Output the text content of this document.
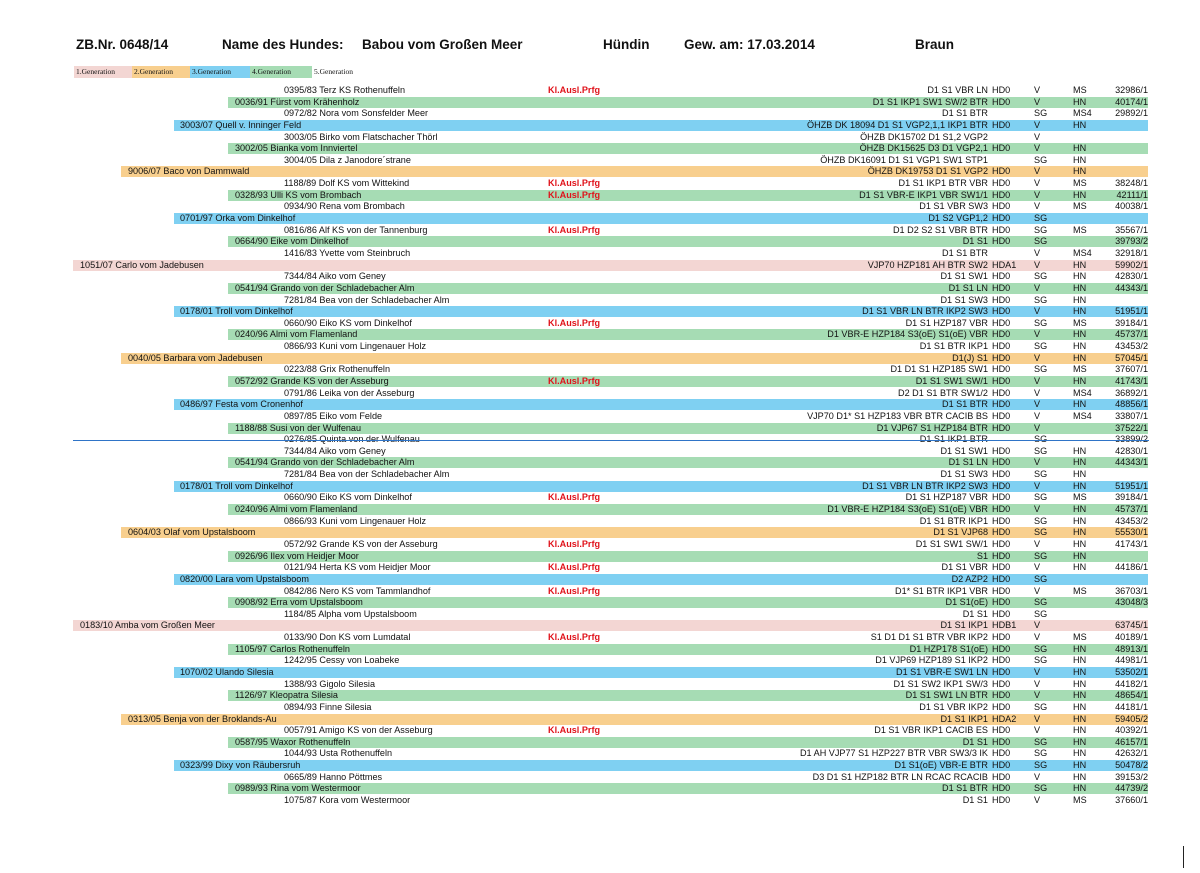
ZB.Nr. 0648/14	Name des Hundes: Babou vom Großen Meer	Hündin	Gew. am: 17.03.2014	Braun
1.Generation	2.Generation	3.Generation	4.Generation	5.Generation
0395/83 Terz KS Rothenuffeln	Kl.Ausl.Prfg	D1 S1 VBR LN HD0	V	MS	32986/1
0036/91 Fürst vom Krähenholz	D1 S1 IKP1 SW1 SW/2 BTR HD0	V	HN	40174/1
0972/82 Nora vom Sonsfelder Meer	D1 S1 BTR	SG	MS4	29892/1
3003/07 Quell v. Inninger Feld	ÖHZB DK 18094 D1 S1 VGP2,1,1 IKP1 BTR HD0	V	HN
3003/05 Birko vom Flatschacher Thörl	ÖHZB DK15702 D1 S1,2 VGP2	V
3002/05 Bianka vom Innviertel	ÖHZB DK15625 D3 D1 VGP2,1 HD0	V	HN
3004/05 Dila z Janodore´strane	ÖHZB DK16091 D1 S1 VGP1 SW1 STP1	SG	HN
9006/07 Baco von Dammwald	ÖHZB DK19753 D1 S1 VGP2 HD0	V	HN
1188/89 Dolf KS vom Wittekind	Kl.Ausl.Prfg	D1 S1 IKP1 BTR VBR HD0	V	MS	38248/1
0328/93 Ulli KS vom Brombach	Kl.Ausl.Prfg	D1 S1 VBR-E IKP1 VBR SW1/1 HD0	V	HN	42111/1
0934/90 Rena vom Brombach	D1 S1 VBR SW3 HD0	V	MS	40038/1
0701/97 Orka vom Dinkelhof	D1 S2 VGP1,2 HD0	SG
0816/86 Alf KS von der Tannenburg	Kl.Ausl.Prfg	D1 D2 S2 S1 VBR BTR HD0	SG	MS	35567/1
0664/90 Eike vom Dinkelhof	D1 S1 HD0	SG	39793/2
1416/83 Yvette vom Steinbruch	D1 S1 BTR	V	MS4	32918/1
1051/07 Carlo vom Jadebusen	VJP70 HZP181 AH BTR SW2 HDA1 V	HN	59902/1
7344/84 Aiko vom Geney	D1 S1 SW1 HD0	SG	HN	42830/1
0541/94 Grando von der Schladebacher Alm	D1 S1 LN HD0	V	HN	44343/1
7281/84 Bea von der Schladebacher Alm	D1 S1 SW3 HD0	SG	HN
0178/01 Troll vom Dinkelhof	D1 S1 VBR LN BTR IKP2 SW3 HD0	V	HN	51951/1
0660/90 Eiko KS vom Dinkelhof	Kl.Ausl.Prfg	D1 S1 HZP187 VBR HD0	SG	MS	39184/1
0240/96 Almi vom Flamenland	D1 VBR-E HZP184 S3(oE) S1(oE) VBR HD0	V	HN	45737/1
0866/93 Kuni vom Lingenauer Holz	D1 S1 BTR IKP1 HD0	SG	HN	43453/2
0040/05 Barbara vom Jadebusen	D1(J) S1 HD0	V	HN	57045/1
0223/88 Grix Rothenuffeln	D1 D1 S1 HZP185 SW1 HD0	SG	MS	37607/1
0572/92 Grande KS von der Asseburg	Kl.Ausl.Prfg	D1 S1 SW1 SW/1 HD0	V	HN	41743/1
0791/86 Leika von der Asseburg	D2 D1 S1 BTR SW1/2 HD0	V	MS4	36892/1
0486/97 Festa vom Cronenhof	D1 S1 BTR HD0	V	HN	48856/1
0897/85 Eiko vom Felde	VJP70 D1* S1 HZP183 VBR BTR CACIB BS HD0	V	MS4	33807/1
1188/88 Susi von der Wulfenau	D1 VJP67 S1 HZP184 BTR HD0	V	37522/1
7344/84 Aiko vom Geney	D1 S1 SW1 HD0	SG	HN	42830/1
0541/94 Grando von der Schladebacher Alm	D1 S1 LN HD0	V	HN	44343/1
7281/84 Bea von der Schladebacher Alm	D1 S1 SW3 HD0	SG	HN
0178/01 Troll vom Dinkelhof	D1 S1 VBR LN BTR IKP2 SW3 HD0	V	HN	51951/1
0660/90 Eiko KS vom Dinkelhof	Kl.Ausl.Prfg	D1 S1 HZP187 VBR HD0	SG	MS	39184/1
0240/96 Almi vom Flamenland	D1 VBR-E HZP184 S3(oE) S1(oE) VBR HD0	V	HN	45737/1
0866/93 Kuni vom Lingenauer Holz	D1 S1 BTR IKP1 HD0	SG	HN	43453/2
0604/03 Olaf vom Upstalsboom	D1 S1 VJP68 HD0	SG	HN	55530/1
0572/92 Grande KS von der Asseburg	Kl.Ausl.Prfg	D1 S1 SW1 SW/1 HD0	V	HN	41743/1
0926/96 Ilex vom Heidjer Moor	S1 HD0	SG	HN
0121/94 Herta KS vom Heidjer Moor	Kl.Ausl.Prfg	D1 S1 VBR HD0	V	HN	44186/1
0820/00 Lara vom Upstalsboom	D2 AZP2 HD0	SG
0842/86 Nero KS vom Tammlandhof	Kl.Ausl.Prfg	D1* S1 BTR IKP1 VBR HD0	V	MS	36703/1
0908/92 Erra vom Upstalsboom	D1 S1(oE) HD0	SG	43048/3
1184/85 Alpha vom Upstalsboom	D1 S1 HD0	SG
0183/10 Amba vom Großen Meer	D1 S1 IKP1 HDB1 V	63745/1
0133/90 Don KS vom Lumdatal	Kl.Ausl.Prfg	S1 D1 D1 S1 BTR VBR IKP2 HD0	V	MS	40189/1
1105/97 Carlos Rothenuffeln	D1 HZP178 S1(oE) HD0	SG	HN	48913/1
1242/95 Cessy von Loabeke	D1 VJP69 HZP189 S1 IKP2 HD0	SG	HN	44981/1
1070/02 Ulando Silesia	D1 S1 VBR-E SW1 LN HD0	V	HN	53502/1
1388/93 Gigolo Silesia	D1 S1 SW2 IKP1 SW/3 HD0	V	HN	44182/1
1126/97 Kleopatra Silesia	D1 S1 SW1 LN BTR HD0	V	HN	48654/1
0894/93 Finne Silesia	D1 S1 VBR IKP2 HD0	SG	HN	44181/1
0313/05 Benja von der Broklands-Au	D1 S1 IKP1 HDA2 V	HN	59405/2
0057/91 Amigo KS von der Asseburg	Kl.Ausl.Prfg	D1 S1 VBR IKP1 CACIB ES HD0	V	HN	40392/1
0587/95 Waxor Rothenuffeln	D1 S1 HD0	SG	HN	46157/1
1044/93 Usta Rothenuffeln	D1 AH VJP77 S1 HZP227 BTR VBR SW3/3 IK HD0	SG	HN	42632/1
0323/99 Dixy von Räubersruh	D1 S1(oE) VBR-E BTR HD0	SG	HN	50478/2
0665/89 Hanno Pöttmes	D3 D1 S1 HZP182 BTR LN RCAC RCACIB HD0	V	HN	39153/2
0989/93 Rina vom Westermoor	D1 S1 BTR HD0	SG	HN	44739/2
1075/87 Kora vom Westermoor	D1 S1 HD0	V	MS	37660/1
